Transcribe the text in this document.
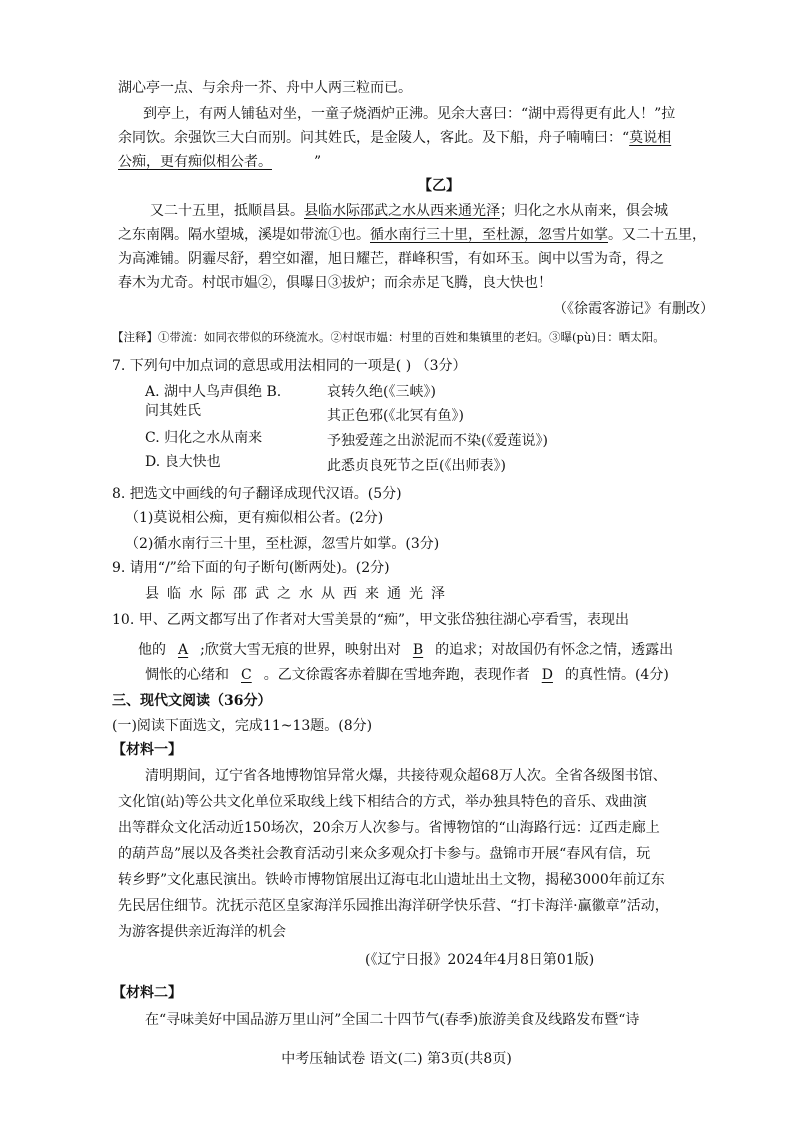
湖心亭一点、与余舟一芥、舟中人两三粒而已。
到亭上，有两人铺毡对坐，一童子烧酒炉正沸。见余大喜曰：“湖中焉得更有此人！”拉
余同饮。余强饮三大白而别。问其姓氏，是金陵人，客此。及下船，舟子喃喃曰：“莫说相
公痴，更有痴似相公者。	”
【乙】
又二十五里，抵顺昌县。县临水际邵武之水从西来通光泽；归化之水从南来，俱会城
之东南隅。隔水望城，溪堤如带流①也。循水南行三十里，至杜源，忽雪片如掌。又二十五里，
为高滩铺。阴霾尽舒，碧空如濯，旭日耀芒，群峰积雪，有如环玉。闽中以雪为奇，得之
春木为尤奇。村氓市媪②，俱曝日③拔炉；而余赤足飞腾，良大快也！
（《徐霞客游记》有删改）
【注释】①带流：如同衣带似的环绕流水。②村氓市媪：村里的百姓和集镇里的老妇。③曝(pù)日：晒太阳。
7. 下列句中加点词的意思或用法相同的一项是( ) （3分）
A. 湖中人鸟声俱绝 B.
问其姓氏
C. 归化之水从南来
D. 良大快也
哀转久绝(《三峡》)
其正色邪(《北冥有鱼》)
予独爱莲之出淤泥而不染(《爱莲说》)
此悉贞良死节之臣(《出师表》)
8. 把选文中画线的句子翻译成现代汉语。(5分)
（1)莫说相公痴，更有痴似相公者。(2分)
（2)循水南行三十里，至杜源，忽雪片如掌。(3分)
9. 请用“/”给下面的句子断句(断两处)。(2分)
县临水际邵武之水从西来通光泽
10. 甲、乙两文都写出了作者对大雪美景的“痴”，甲文张岱独往湖心亭看雪，表现出
他的 A ;欣赏大雪无痕的世界，映射出对 B 的追求；对故国仍有怀念之情，透露出
惆怅的心绪和 C 。乙文徐霞客赤着脚在雪地奔跑，表现作者 D 的真性情。(4分)
三、现代文阅读（36分）
(一)阅读下面选文，完成11~13题。(8分)
【材料一】
清明期间，辽宁省各地博物馆异常火爆，共接待观众超68万人次。全省各级图书馆、
文化馆(站)等公共文化单位采取线上线下相结合的方式，举办独具特色的音乐、戏曲演
出等群众文化活动近150场次，20余万人次参与。省博物馆的“山海路行远：辽西走廊上
的葫芦岛”展以及各类社会教育活动引来众多观众打卡参与。盘锦市开展“春风有信，玩
转乡野”文化惠民演出。铁岭市博物馆展出辽海屯北山遗址出土文物，揭秘3000年前辽东
先民居住细节。沈抚示范区皇家海洋乐园推出海洋研学快乐营、“打卡海洋·赢徽章”活动，
为游客提供亲近海洋的机会
(《辽宁日报》2024年4月8日第01版)
【材料二】
在“寻味美好中国品游万里山河”全国二十四节气(春季)旅游美食及线路发布暨“诗
中考压轴试卷 语文(二) 第3页(共8页)
